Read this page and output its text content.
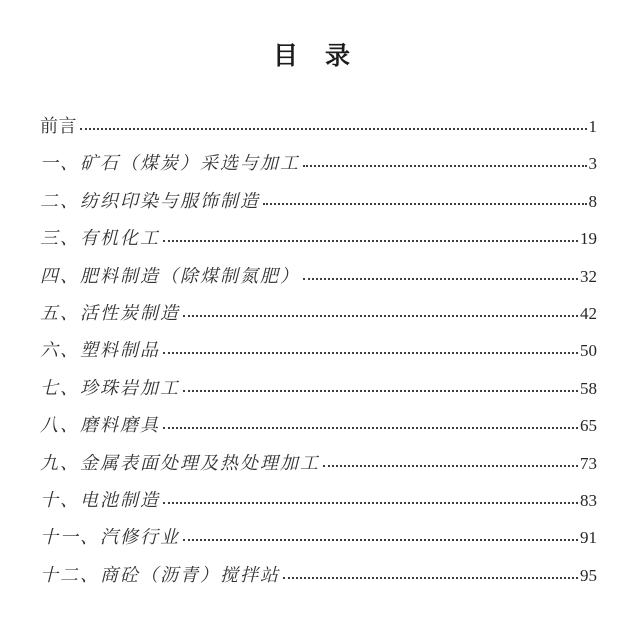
目　录
前言	1
一、矿石（煤炭）采选与加工	3
二、纺织印染与服饰制造	8
三、有机化工	19
四、肥料制造（除煤制氮肥）	32
五、活性炭制造	42
六、塑料制品	50
七、珍珠岩加工	58
八、磨料磨具	65
九、金属表面处理及热处理加工	73
十、电池制造	83
十一、汽修行业	91
十二、商砼（沥青）搅拌站	95
